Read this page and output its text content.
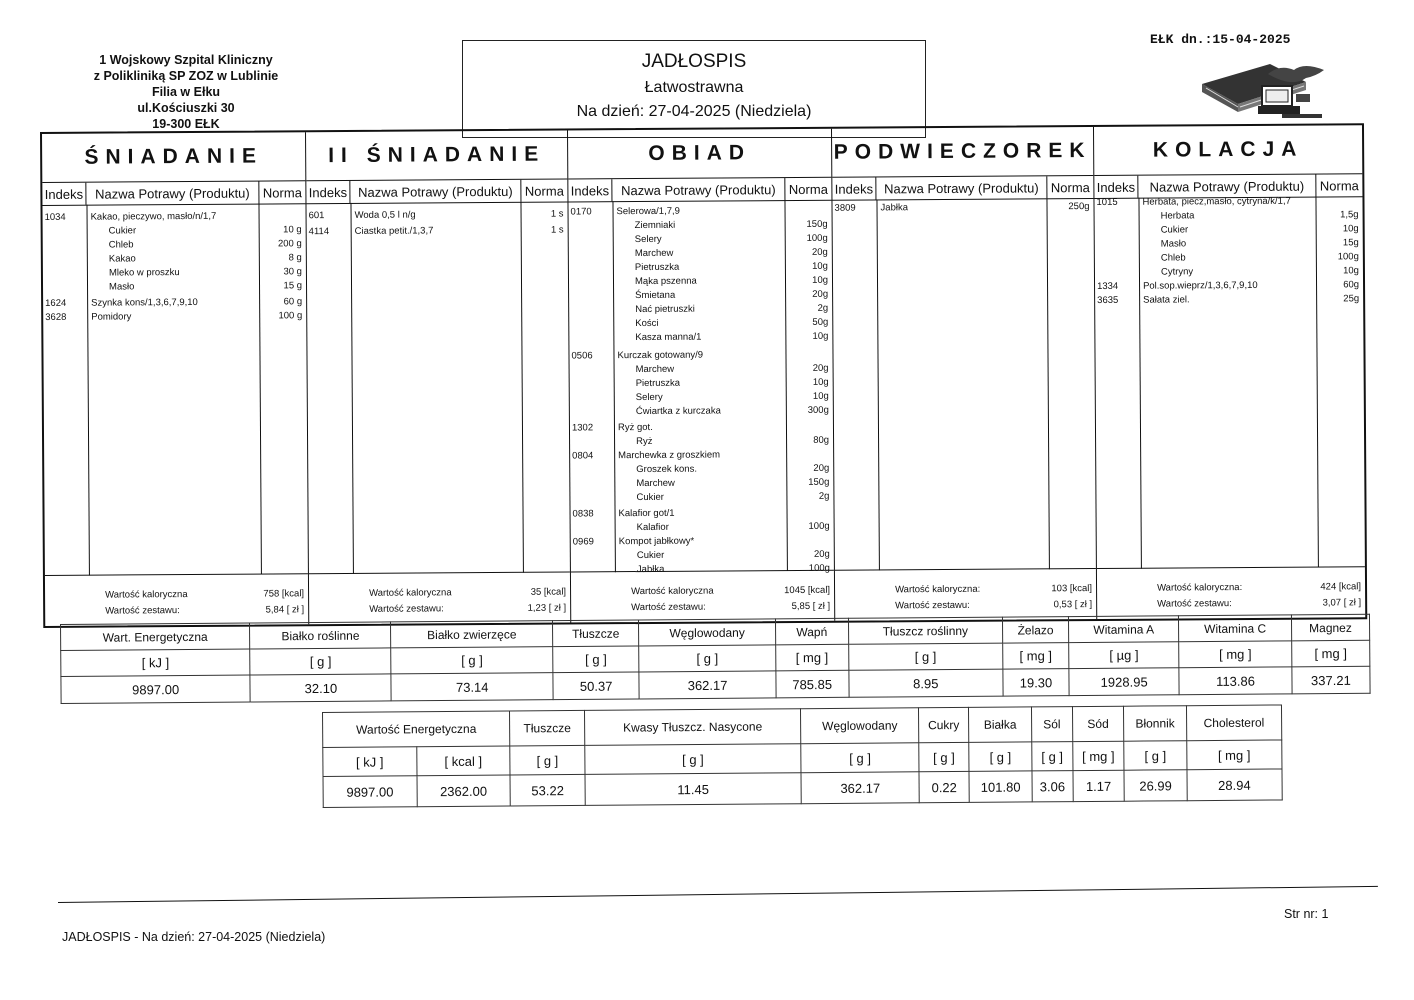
1 Wojskowy Szpital Kliniczny
z Polikliniką SP ZOZ w Lublinie
Filia w Ełku
ul.Kościuszki 30
19-300 EŁK
JADŁOSPIS
Łatwostrawna
Na dzień: 27-04-2025 (Niedziela)
EŁK dn.:15-04-2025
ŚNIADANIE
Indeks Nazwa Potrawy (Produktu)	Norma
1034	Kakao, pieczywo, masło/n/1,7
Cukier	10 g
Chleb	200 g
Kakao	8 g
Mleko w proszku	30 g
Masło	15 g
1624	Szynka kons/1,3,6,7,9,10	60 g
3628	Pomidory	100 g
Wartość kaloryczna	758 [kcal]
Wartość zestawu:	5,84 [ zł ]
II ŚNIADANIE
Indeks Nazwa Potrawy (Produktu) Norma
601	Woda 0,5 l n/g	1 s
4114	Ciastka petit./1,3,7	1 s
Wartość kaloryczna	35 [kcal]
Wartość zestawu:	1,23 [ zł ]
OBIAD
Indeks Nazwa Potrawy (Produktu)	Norma
0170	Selerowa/1,7,9
Ziemniaki	150g
Selery	100g
Marchew	20g
Pietruszka	10g
Mąka pszenna	10g
Śmietana	20g
Nać pietruszki	2g
Kości	50g
Kasza manna/1	10g
0506	Kurczak gotowany/9
Marchew	20g
Pietruszka	10g
Selery	10g
Ćwiartka z kurczaka	300g
1302	Ryż got.
Ryż	80g
0804	Marchewka z groszkiem
Groszek kons.	20g
Marchew	150g
Cukier	2g
0838	Kalafior got/1
Kalafior	100g
0969	Kompot jabłkowy*
Cukier	20g
Jabłka	100g
Wartość kaloryczna	1045 [kcal]
Wartość zestawu:	5,85 [ zł ]
PODWIECZOREK
Indeks Nazwa Potrawy (Produktu) Norma
3809	Jabłka	250g
Wartość kaloryczna:	103 [kcal]
Wartość zestawu:	0,53 [ zł ]
KOLACJA
Indeks	Nazwa Potrawy (Produktu)	Norma
1015	Herbata, piecz,masło, cytryna/k/1,7
Herbata	1,5g
Cukier	10g
Masło	15g
Chleb	100g
Cytryny	10g
1334	Pol.sop.wieprz/1,3,6,7,9,10	60g
3635	Sałata ziel.	25g
Wartość kaloryczna:	424 [kcal]
Wartość zestawu:	3,07 [ zł ]
Wart. Energetyczna	Białko roślinne	Białko zwierzęce	Tłuszcze	Węglowodany	Wapń	Tłuszcz roślinny	Żelazo	Witamina A	Witamina C	Magnez
[ kJ ]	[ g ]	[ g ]	[ g ]	[ g ]	[ mg ]	[ g ]	[ mg ]	[ µg ]	[ mg ]	[ mg ]
9897.00	32.10	73.14	50.37	362.17	785.85	8.95	19.30	1928.95	113.86	337.21
Wartość Energetyczna		Tłuszcze	Kwasy Tłuszcz. Nasycone	Węglowodany	Cukry	Białka	Sól	Sód	Błonnik	Cholesterol
[ kJ ]	[ kcal ]	[ g ]	[ g ]	[ g ]	[ g ]	[ g ]	[ g ]	[ mg ]	[ g ]	[ mg ]
9897.00	2362.00	53.22	11.45	362.17	0.22	101.80	3.06	1.17	26.99	28.94
JADŁOSPIS - Na dzień: 27-04-2025 (Niedziela)
Str nr: 1
